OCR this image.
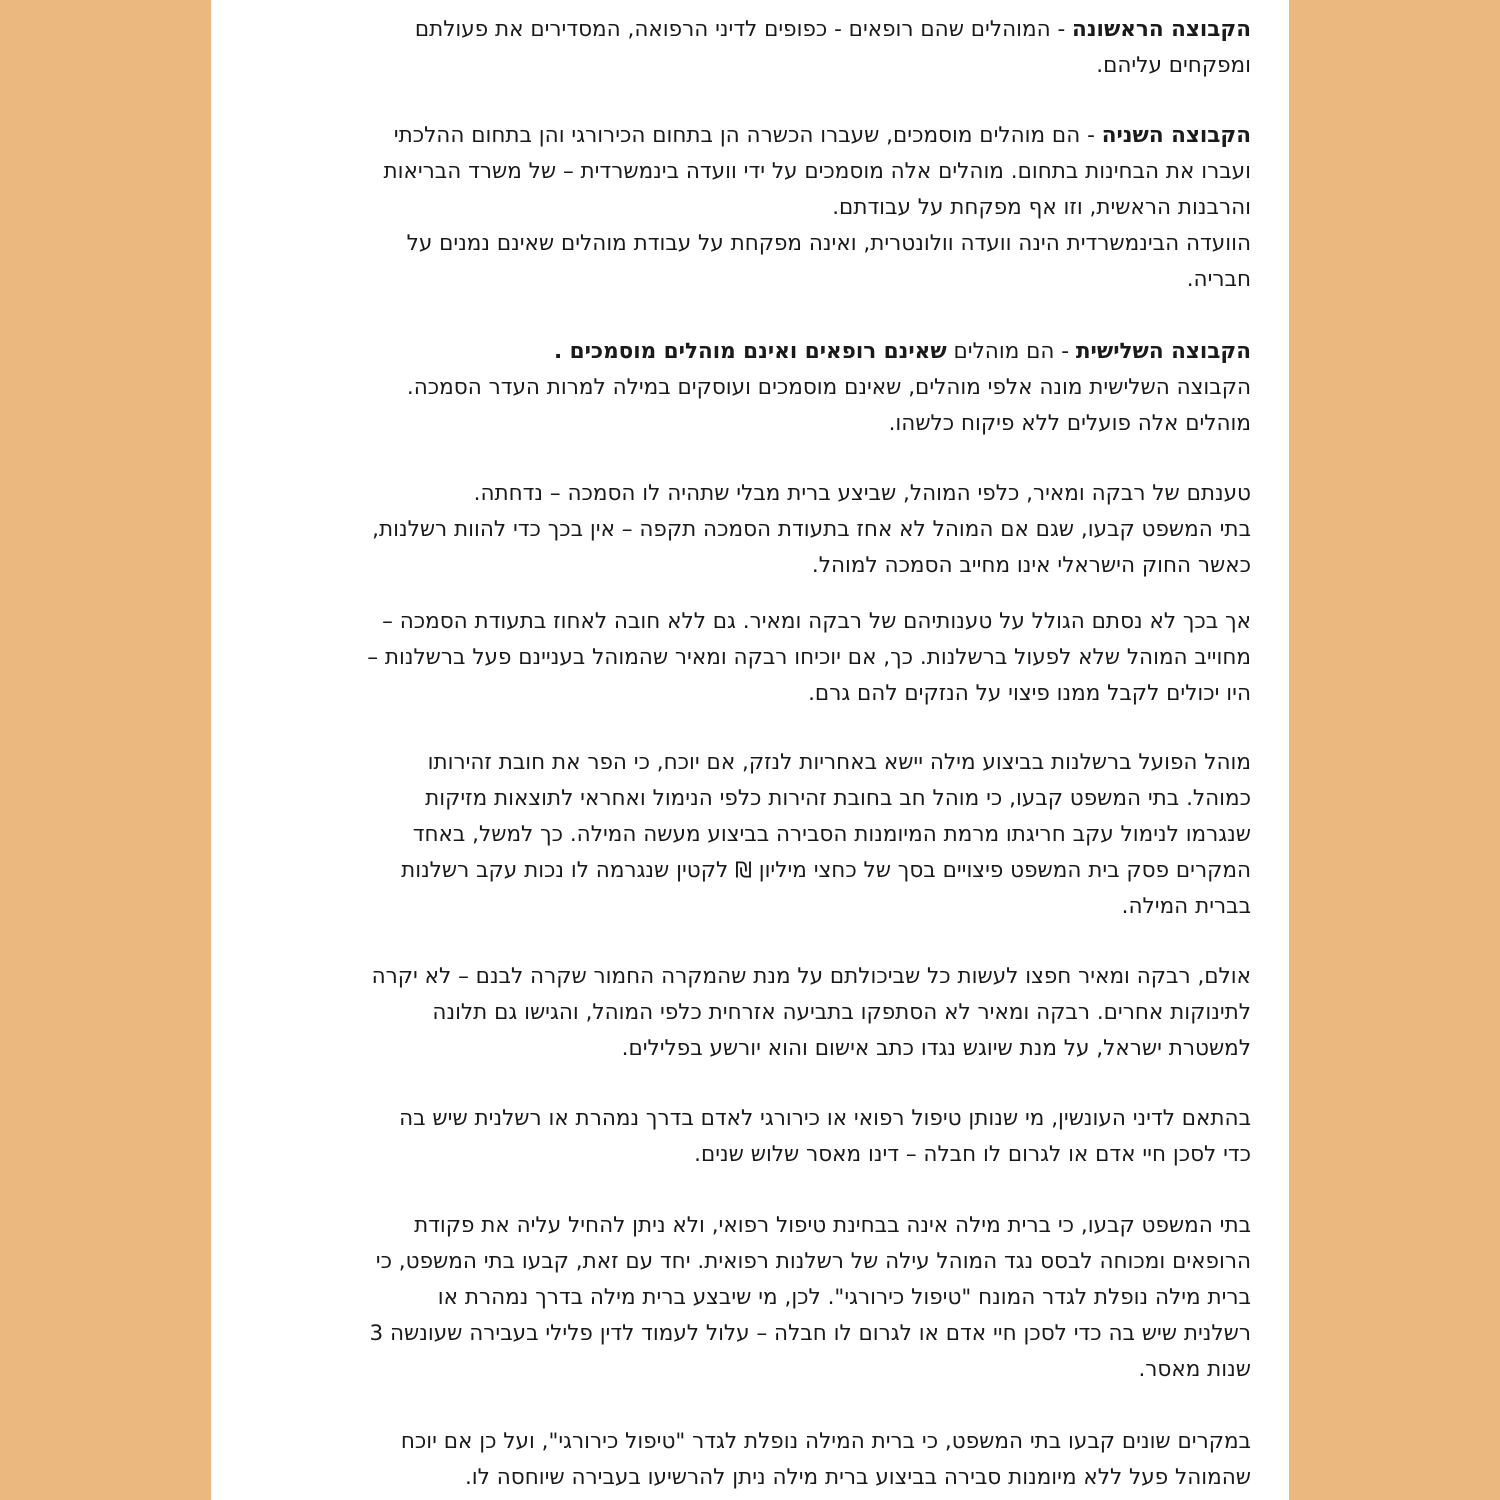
הקבוצה הראשונה - המוהלים שהם רופאים - כפופים לדיני הרפואה, המסדירים את פעולתם
ומפקחים עליהם.

הקבוצה השניה - הם מוהלים מוסמכים, שעברו הכשרה הן בתחום הכירורגי והן בתחום ההלכתי
ועברו את הבחינות בתחום. מוהלים אלה מוסמכים על ידי וועדה בינמשרדית – של משרד הבריאות
והרבנות הראשית, וזו אף מפקחת על עבודתם.
הוועדה הבינמשרדית הינה וועדה וולונטרית, ואינה מפקחת על עבודת מוהלים שאינם נמנים על
חבריה.

הקבוצה השלישית - הם מוהלים שאינם רופאים ואינם מוהלים מוסמכים .
הקבוצה השלישית מונה אלפי מוהלים, שאינם מוסמכים ועוסקים במילה למרות העדר הסמכה.
מוהלים אלה פועלים ללא פיקוח כלשהו.

טענתם של רבקה ומאיר, כלפי המוהל, שביצע ברית מבלי שתהיה לו הסמכה – נדחתה.
בתי המשפט קבעו, שגם אם המוהל לא אחז בתעודת הסמכה תקפה – אין בכך כדי להוות רשלנות,
כאשר החוק הישראלי אינו מחייב הסמכה למוהל.

אך בכך לא נסתם הגולל על טענותיהם של רבקה ומאיר. גם ללא חובה לאחוז בתעודת הסמכה –
מחוייב המוהל שלא לפעול ברשלנות. כך, אם יוכיחו רבקה ומאיר שהמוהל בעניינם פעל ברשלנות –
היו יכולים לקבל ממנו פיצוי על הנזקים להם גרם.

מוהל הפועל ברשלנות בביצוע מילה יישא באחריות לנזק, אם יוכח, כי הפר את חובת זהירותו
כמוהל. בתי המשפט קבעו, כי מוהל חב בחובת זהירות כלפי הנימול ואחראי לתוצאות מזיקות
שנגרמו לנימול עקב חריגתו מרמת המיומנות הסבירה בביצוע מעשה המילה. כך למשל, באחד
המקרים פסק בית המשפט פיצויים בסך של כחצי מיליון ₪ לקטין שנגרמה לו נכות עקב רשלנות
בברית המילה.

אולם, רבקה ומאיר חפצו לעשות כל שביכולתם על מנת שהמקרה החמור שקרה לבנם – לא יקרה
לתינוקות אחרים. רבקה ומאיר לא הסתפקו בתביעה אזרחית כלפי המוהל, והגישו גם תלונה
למשטרת ישראל, על מנת שיוגש נגדו כתב אישום והוא יורשע בפלילים.

בהתאם לדיני העונשין, מי שנותן טיפול רפואי או כירורגי לאדם בדרך נמהרת או רשלנית שיש בה
כדי לסכן חיי אדם או לגרום לו חבלה – דינו מאסר שלוש שנים.

בתי המשפט קבעו, כי ברית מילה אינה בבחינת טיפול רפואי, ולא ניתן להחיל עליה את פקודת
הרופאים ומכוחה לבסס נגד המוהל עילה של רשלנות רפואית. יחד עם זאת, קבעו בתי המשפט, כי
ברית מילה נופלת לגדר המונח "טיפול כירורגי". לכן, מי שיבצע ברית מילה בדרך נמהרת או
רשלנית שיש בה כדי לסכן חיי אדם או לגרום לו חבלה – עלול לעמוד לדין פלילי בעבירה שעונשה 3
שנות מאסר.

במקרים שונים קבעו בתי המשפט, כי ברית המילה נופלת לגדר "טיפול כירורגי", ועל כן אם יוכח
שהמוהל פעל ללא מיומנות סבירה בביצוע ברית מילה ניתן להרשיעו בעבירה שיוחסה לו.
